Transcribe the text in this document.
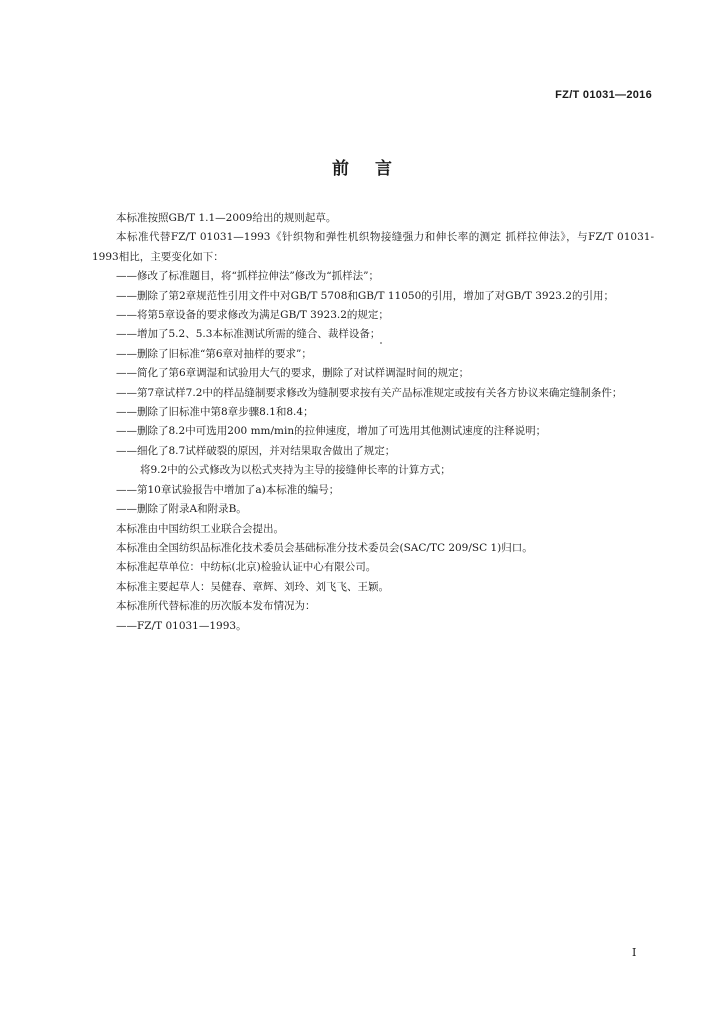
FZ/T 01031—2016
前言

本标准按照GB/T 1.1—2009给出的规则起草。

本标准代替FZ/T 01031—1993《针织物和弹性机织物接缝强力和伸长率的测定 抓样拉伸法》，与FZ/T 01031-1993相比，主要变化如下：

——修改了标准题目，将“抓样拉伸法”修改为“抓样法”；

——删除了第2章规范性引用文件中对GB/T 5708和GB/T 11050的引用，增加了对GB/T 3923.2的引用；

——将第5章设备的要求修改为满足GB/T 3923.2的规定；

——增加了5.2、5.3本标准测试所需的缝合、裁样设备；

——删除了旧标准“第6章对抽样的要求”；

——简化了第6章调湿和试验用大气的要求，删除了对试样调湿时间的规定；

——第7章试样7.2中的样品缝制要求修改为缝制要求按有关产品标准规定或按有关各方协议来确定缝制条件；

——删除了旧标准中第8章步骤8.1和8.4；

——删除了8.2中可选用200 mm/min的拉伸速度，增加了可选用其他测试速度的注释说明；

——细化了8.7试样破裂的原因，并对结果取舍做出了规定；

将9.2中的公式修改为以松式夹持为主导的接缝伸长率的计算方式；

——第10章试验报告中增加了a)本标准的编号；

——删除了附录A和附录B。

本标准由中国纺织工业联合会提出。

本标准由全国纺织品标准化技术委员会基础标准分技术委员会(SAC/TC 209/SC 1)归口。

本标准起草单位：中纺标(北京)检验认证中心有限公司。

本标准主要起草人：吴健春、章辉、刘玲、刘飞飞、王颖。

本标准所代替标准的历次版本发布情况为：

——FZ/T 01031—1993。

I
